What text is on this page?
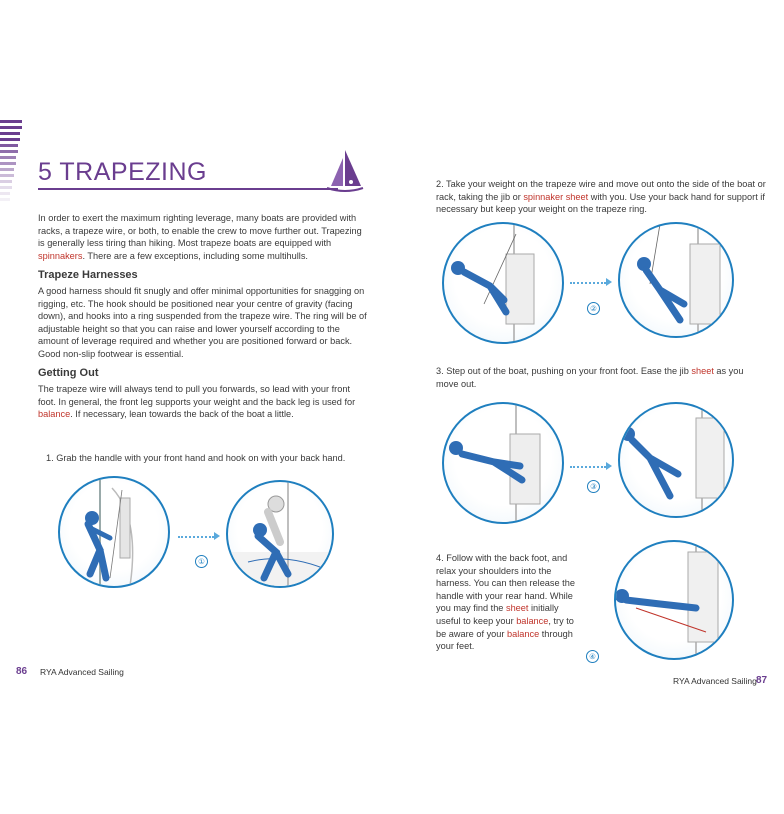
5 TRAPEZING

In order to exert the maximum righting leverage, many boats are provided with racks, a trapeze wire, or both, to enable the crew to move further out. Trapezing is generally less tiring than hiking. Most trapeze boats are equipped with spinnakers. There are a few exceptions, including some multihulls.

Trapeze Harnesses
A good harness should fit snugly and offer minimal opportunities for snagging on rigging, etc. The hook should be positioned near your centre of gravity (facing down), and hooks into a ring suspended from the trapeze wire. The ring will be of adjustable height so that you can raise and lower yourself according to the amount of leverage required and whether you are positioned forward or back. Good non-slip footwear is essential.
Getting Out
The trapeze wire will always tend to pull you forwards, so lead with your front foot. In general, the front leg supports your weight and the back leg is used for balance. If necessary, lean towards the back of the boat a little.
1. Grab the handle with your front hand and hook on with your back hand.
①
86 RYA Advanced Sailing
2. Take your weight on the trapeze wire and move out onto the side of the boat or rack, taking the jib or spinnaker sheet with you. Use your back hand for support if necessary but keep your weight on the trapeze ring.
②
3. Step out of the boat, pushing on your front foot. Ease the jib sheet as you move out.
③
4. Follow with the back foot, and relax your shoulders into the harness. You can then release the handle with your rear hand. While you may find the sheet initially useful to keep your balance, try to be aware of your balance through your feet.
④
RYA Advanced Sailing 87
